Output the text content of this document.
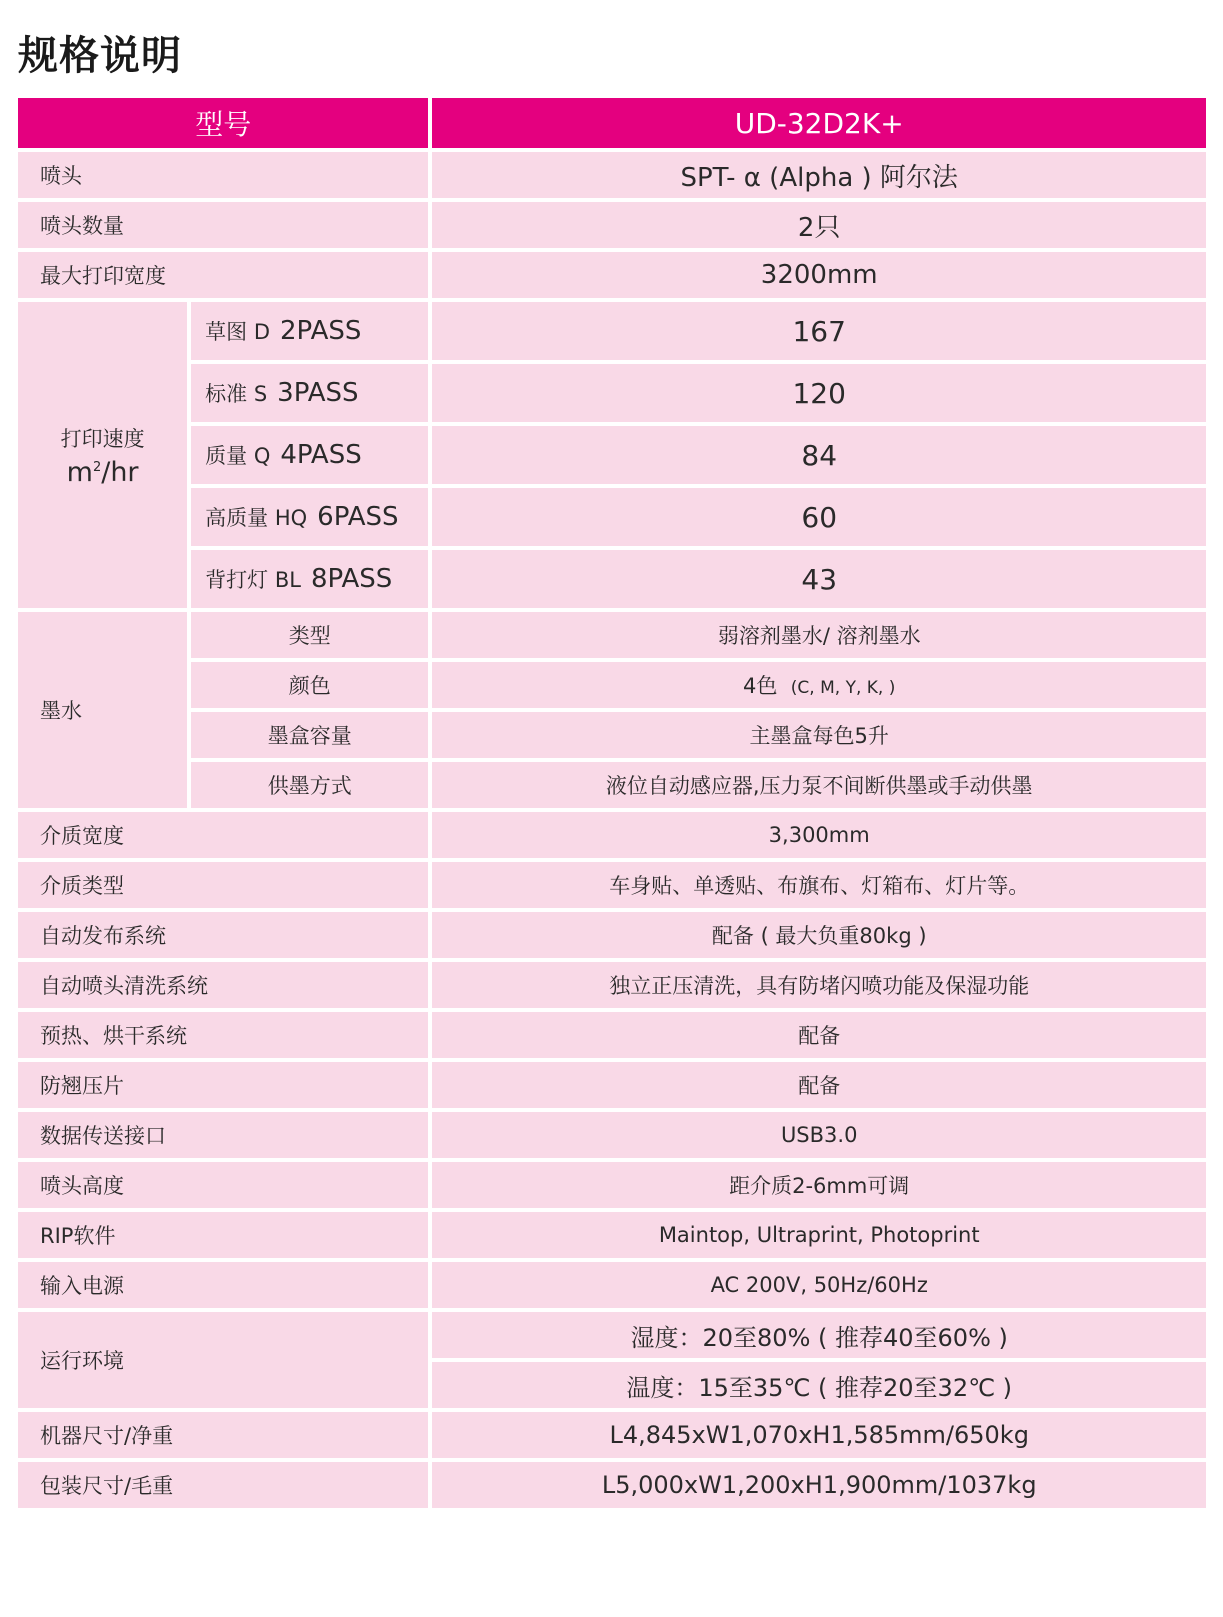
规格说明
型号		UD-32D2K+
喷头		SPT- α (Alpha ) 阿尔法
喷头数量		2只
最大打印宽度		3200mm

打印速度
$m^2/hr$	草图 D 2PASS	167
	标准 S 3PASS	120
	质量 Q 4PASS	84
	高质量 HQ 6PASS	60
	背打灯 BL 8PASS	43
墨水	类型	弱溶剂墨水/ 溶剂墨水
	颜色	4色 (C, M, Y, K, )
	墨盒容量	主墨盒每色5升
	供墨方式	液位自动感应器,压力泵不间断供墨或手动供墨
介质宽度		3,300mm
介质类型		车身贴、单透贴、布旗布、灯箱布、灯片等。
自动发布系统		配备 ( 最大负重80kg )
自动喷头清洗系统		独立正压清洗，具有防堵闪喷功能及保湿功能
预热、烘干系统		配备
防翘压片		配备
数据传送接口		USB3.0
喷头高度		距介质2-6mm可调
RIP软件		Maintop, Ultraprint, Photoprint
输入电源		AC 200V, 50Hz/60Hz
运行环境		湿度：20至80% ( 推荐40至60% )
		温度：15至35℃ ( 推荐20至32℃ )
机器尺寸/净重		L4,845xW1,070xH1,585mm/650kg
包装尺寸/毛重		L5,000xW1,200xH1,900mm/1037kg
